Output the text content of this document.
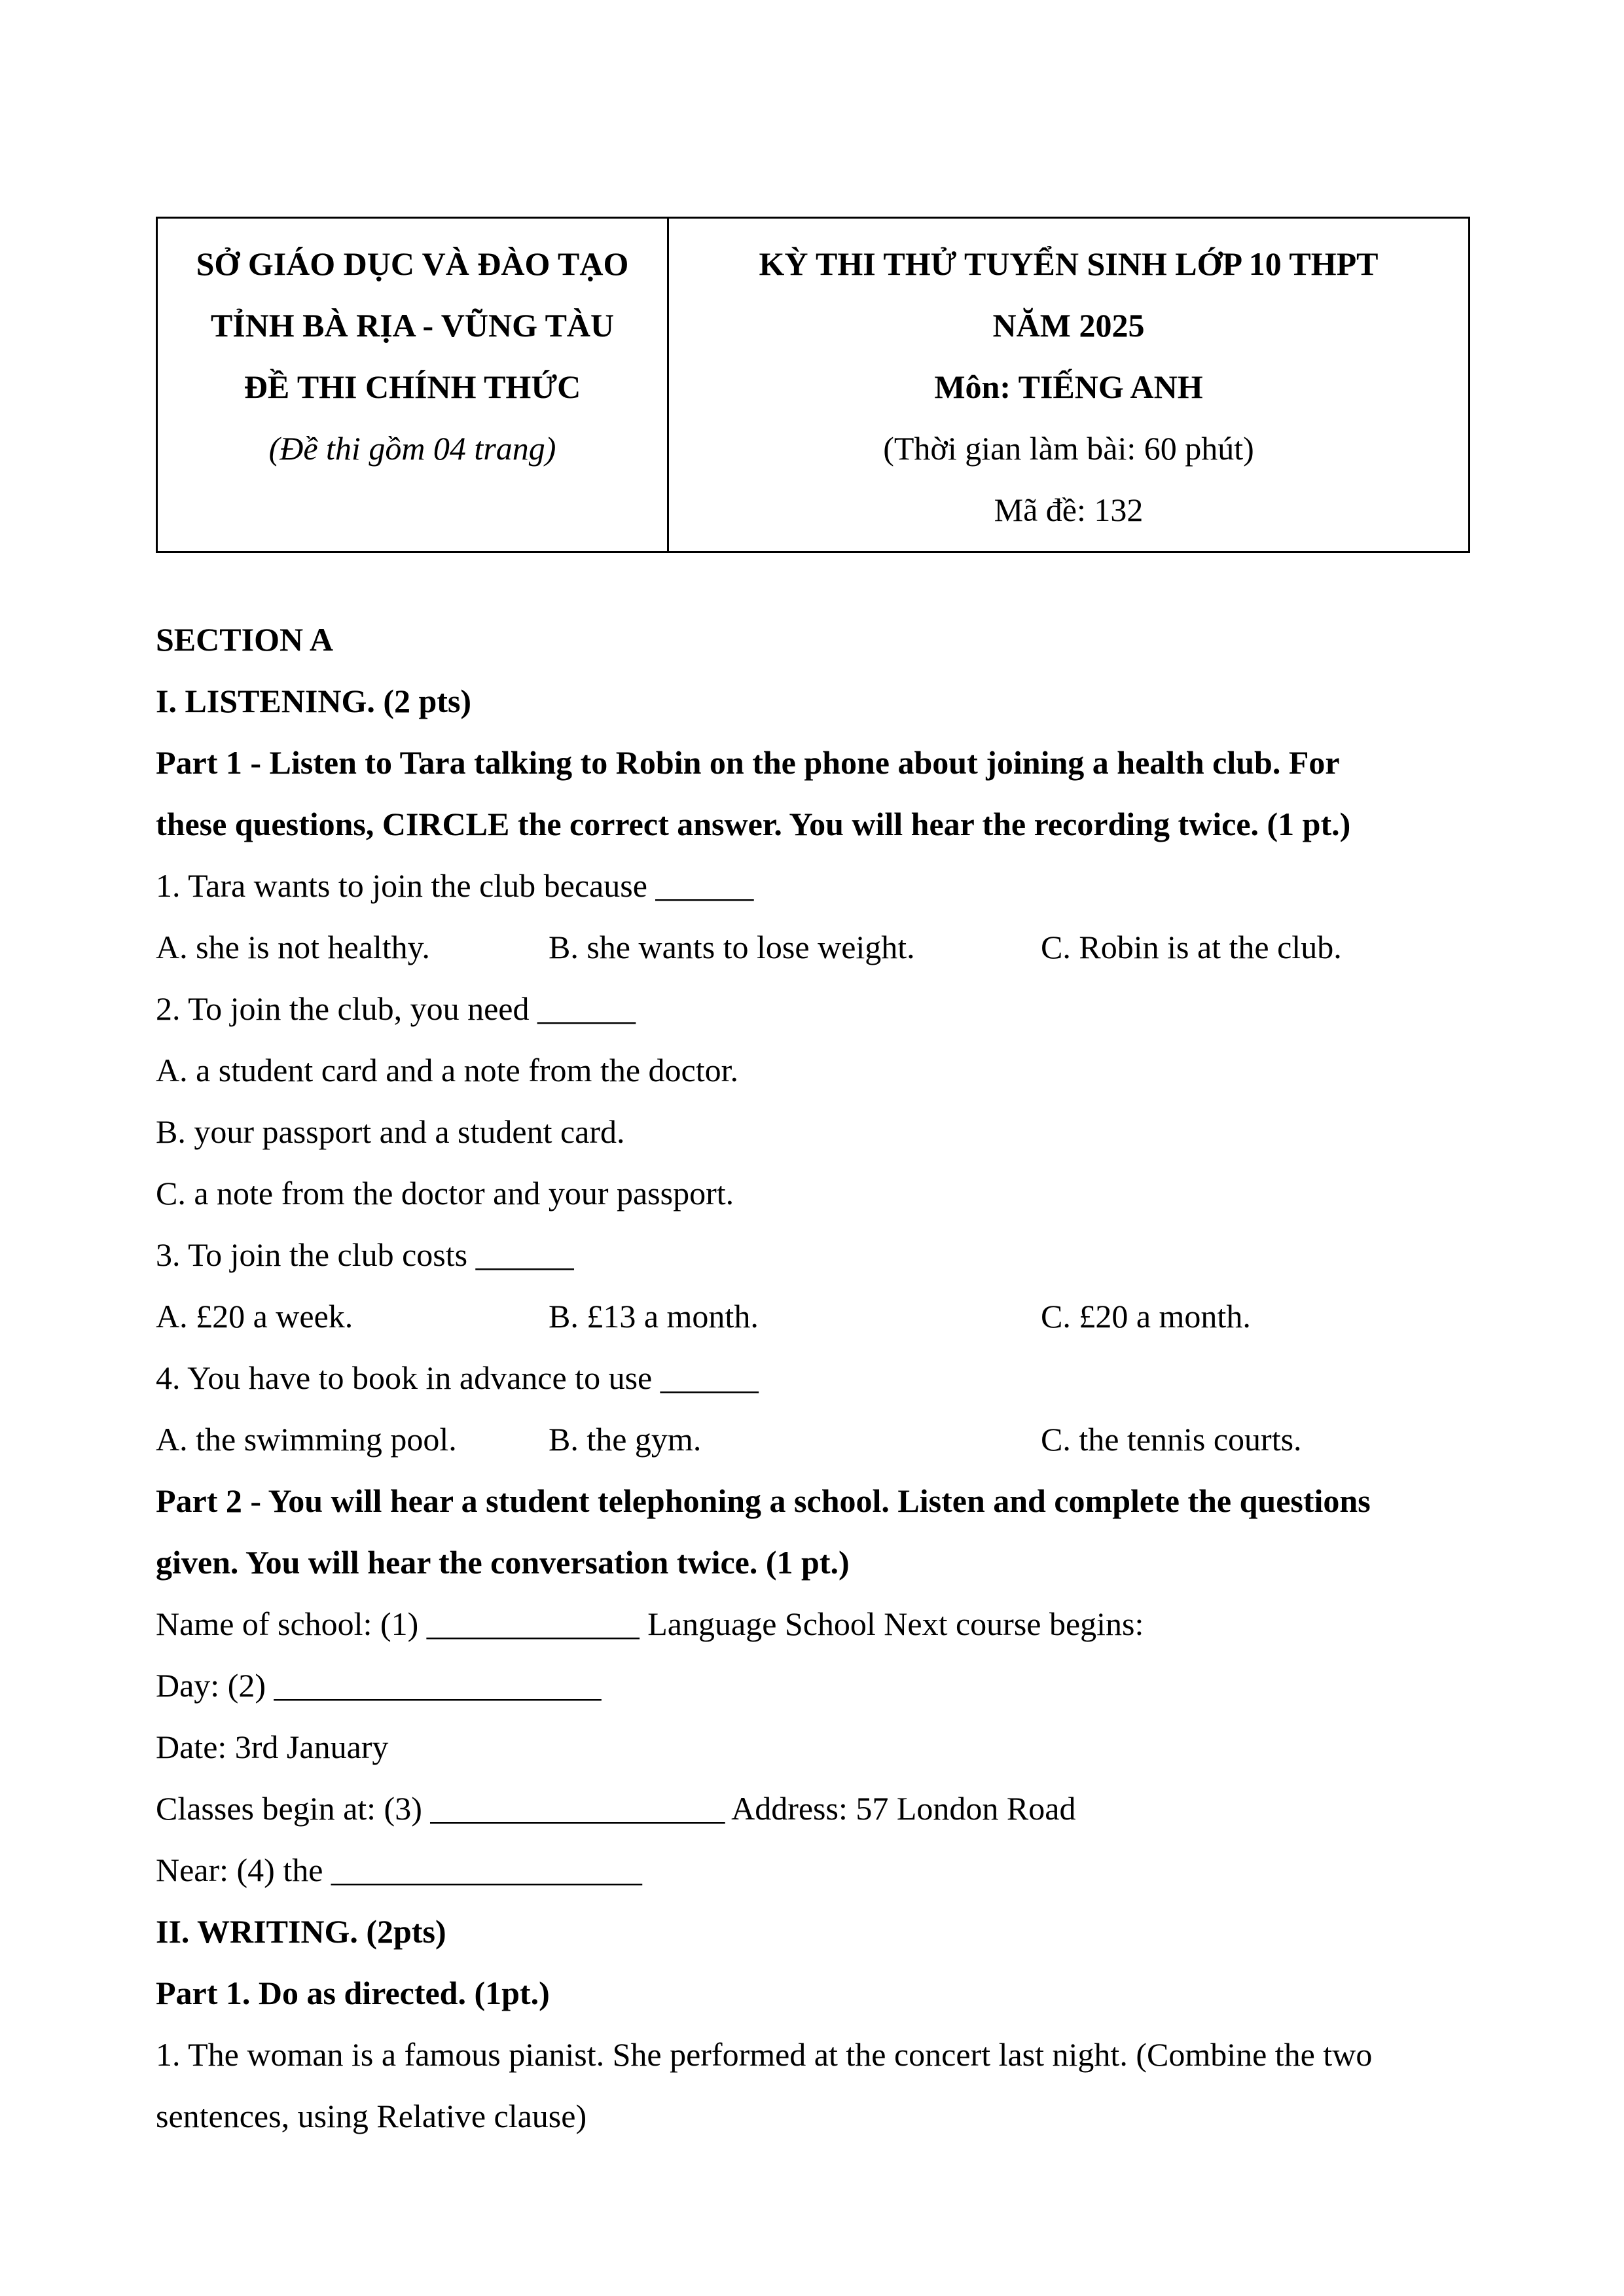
SỞ GIÁO DỤC VÀ ĐÀO TẠO
TỈNH BÀ RỊA - VŨNG TÀU
ĐỀ THI CHÍNH THỨC
(Đề thi gồm 04 trang)
KỲ THI THỬ TUYỂN SINH LỚP 10 THPT
NĂM 2025
Môn: TIẾNG ANH
(Thời gian làm bài: 60 phút)
Mã đề: 132
SECTION A
I. LISTENING. (2 pts)
Part 1 - Listen to Tara talking to Robin on the phone about joining a health club. For
these questions, CIRCLE the correct answer. You will hear the recording twice. (1 pt.)
1. Tara wants to join the club because ______
A. she is not healthy.	B. she wants to lose weight.	C. Robin is at the club.
2. To join the club, you need ______
A. a student card and a note from the doctor.
B. your passport and a student card.
C. a note from the doctor and your passport.
3. To join the club costs ______
A. £20 a week.	B. £13 a month.	C. £20 a month.
4. You have to book in advance to use ______
A. the swimming pool.	B. the gym.	C. the tennis courts.
Part 2 - You will hear a student telephoning a school. Listen and complete the questions
given. You will hear the conversation twice. (1 pt.)
Name of school: (1) _____________ Language School Next course begins:
Day: (2) ____________________
Date: 3rd January
Classes begin at: (3) __________________ Address: 57 London Road
Near: (4) the ___________________
II. WRITING. (2pts)
Part 1. Do as directed. (1pt.)
1. The woman is a famous pianist. She performed at the concert last night. (Combine the two
sentences, using Relative clause)
